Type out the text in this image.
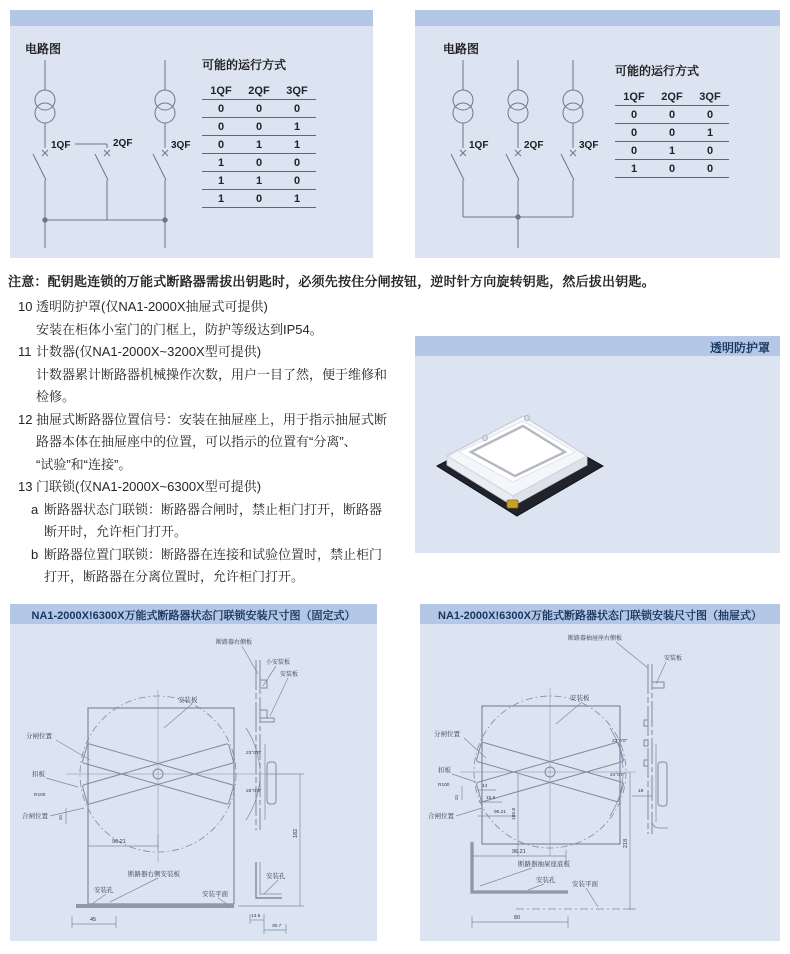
电路图
1QF	2QF	3QF
可能的运行方式
1QF	2QF	3QF
0	0	0
0	0	1
0	1	1
1	0	0
1	1	0
1	0	1
电路图
1QF	2QF	3QF
可能的运行方式
1QF	2QF	3QF
0	0	0
0	0	1
0	1	0
1	0	0
注意：配钥匙连锁的万能式断路器需拔出钥匙时，必须先按住分闸按钮，逆时针方向旋转钥匙，然后拔出钥匙。
10 透明防护罩(仅NA1-2000X抽屉式可提供)
安装在柜体小室门的门框上，防护等级达到IP54。
11 计数器(仅NA1-2000X~3200X型可提供)
计数器累计断路器机械操作次数，用户一目了然，便于维修和
检修。
12 抽屉式断路器位置信号：安装在抽屉座上，用于指示抽屉式断
路器本体在抽屉座中的位置，可以指示的位置有“分离”、
“试验”和“连接”。
13 门联锁(仅NA1-2000X~6300X型可提供)
a 断路器状态门联锁：断路器合闸时，禁止柜门打开，断路器
断开时，允许柜门打开。
b 断路器位置门联锁：断路器在连接和试验位置时，禁止柜门
打开，断路器在分离位置时，允许柜门打开。
透明防护罩
NA1-2000X!6300X万能式断路器状态门联锁安装尺寸图（固定式）
安装板
分闸位置
扣板
R100
合闸位置
23°0'0"
26°0'0"
96.21
45
182
31
断路器右侧板
小安装板
安装板
断路器右侧安装板
安装孔
安装平面
安装孔
13.5
30.7
NA1-2000X!6300X万能式断路器状态门联锁安装尺寸图（抽屉式）
安装板
分闸位置
扣板
R100
合闸位置
23°0'0"
24°0'0"
14
15.5
96.21 185.8
96.21
31
218
18
80
断路器抽屉座右侧板
安装板
断路器抽屉座底板
安装孔
安装平面
